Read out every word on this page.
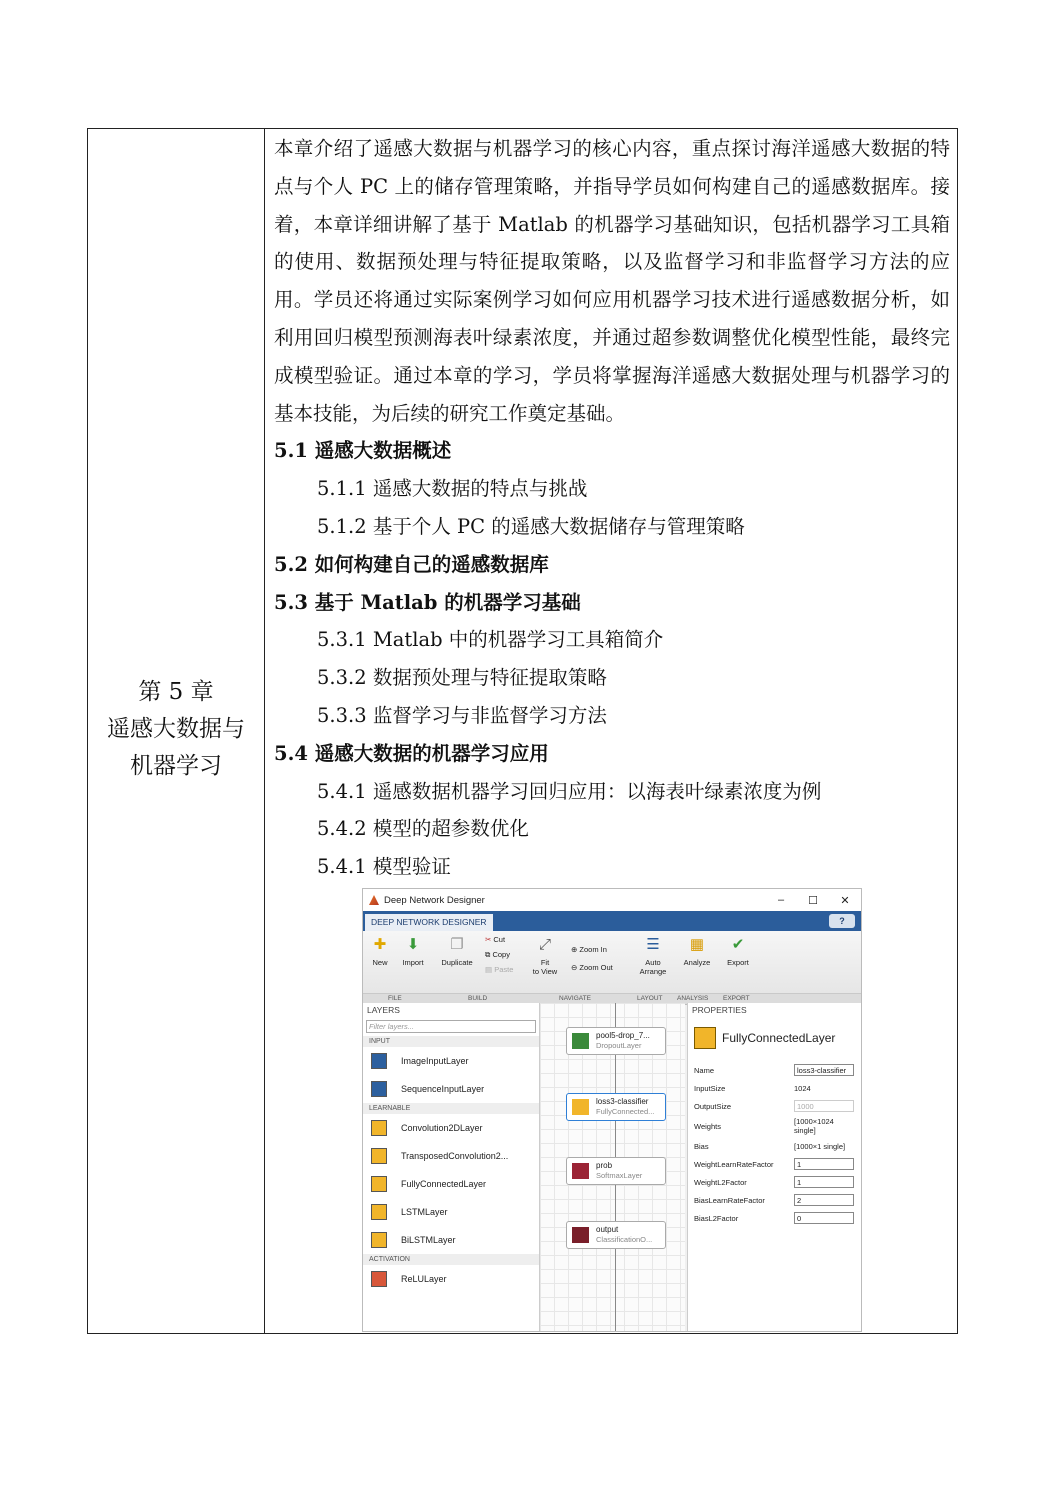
第 5 章
遥感大数据与
机器学习
本章介绍了遥感大数据与机器学习的核心内容，重点探讨海洋遥感大数据的特点与个人 PC 上的储存管理策略，并指导学员如何构建自己的遥感数据库。接着，本章详细讲解了基于 Matlab 的机器学习基础知识，包括机器学习工具箱的使用、数据预处理与特征提取策略，以及监督学习和非监督学习方法的应用。学员还将通过实际案例学习如何应用机器学习技术进行遥感数据分析，如利用回归模型预测海表叶绿素浓度，并通过超参数调整优化模型性能，最终完成模型验证。通过本章的学习，学员将掌握海洋遥感大数据处理与机器学习的基本技能，为后续的研究工作奠定基础。
5.1 遥感大数据概述
5.1.1 遥感大数据的特点与挑战
5.1.2 基于个人 PC 的遥感大数据储存与管理策略
5.2 如何构建自己的遥感数据库
5.3 基于 Matlab 的机器学习基础
5.3.1 Matlab 中的机器学习工具箱简介
5.3.2 数据预处理与特征提取策略
5.3.3 监督学习与非监督学习方法
5.4 遥感大数据的机器学习应用
5.4.1 遥感数据机器学习回归应用：以海表叶绿素浓度为例
5.4.2 模型的超参数优化
5.4.1 模型验证
Deep Network Designer	–	☐	✕
DEEP NETWORK DESIGNER	?
✚
New
⬇
Import
❐
Duplicate
✂ Cut
⧉ Copy
▤ Paste
⤢
Fit
to View
⊕ Zoom In
⊖ Zoom Out
☰
Auto
Arrange
▦
Analyze
✔
Export
FILE	BUILD	NAVIGATE	LAYOUT ANALYSIS EXPORT
LAYERS
Filter layers...
INPUT
ImageInputLayer
SequenceInputLayer
LEARNABLE
Convolution2DLayer
TransposedConvolution2...
FullyConnectedLayer
LSTMLayer
BiLSTMLayer
ACTIVATION
ReLULayer
pool5-drop_7...
DropoutLayer
loss3-classifier
FullyConnected...
prob
SoftmaxLayer
output
ClassificationO...
PROPERTIES
FullyConnectedLayer
Name	loss3-classifier
InputSize	1024
OutputSize	1000
Weights	[1000×1024 single]
Bias	[1000×1 single]
WeightLearnRateFactor	1
WeightL2Factor	1
BiasLearnRateFactor	2
BiasL2Factor	0
